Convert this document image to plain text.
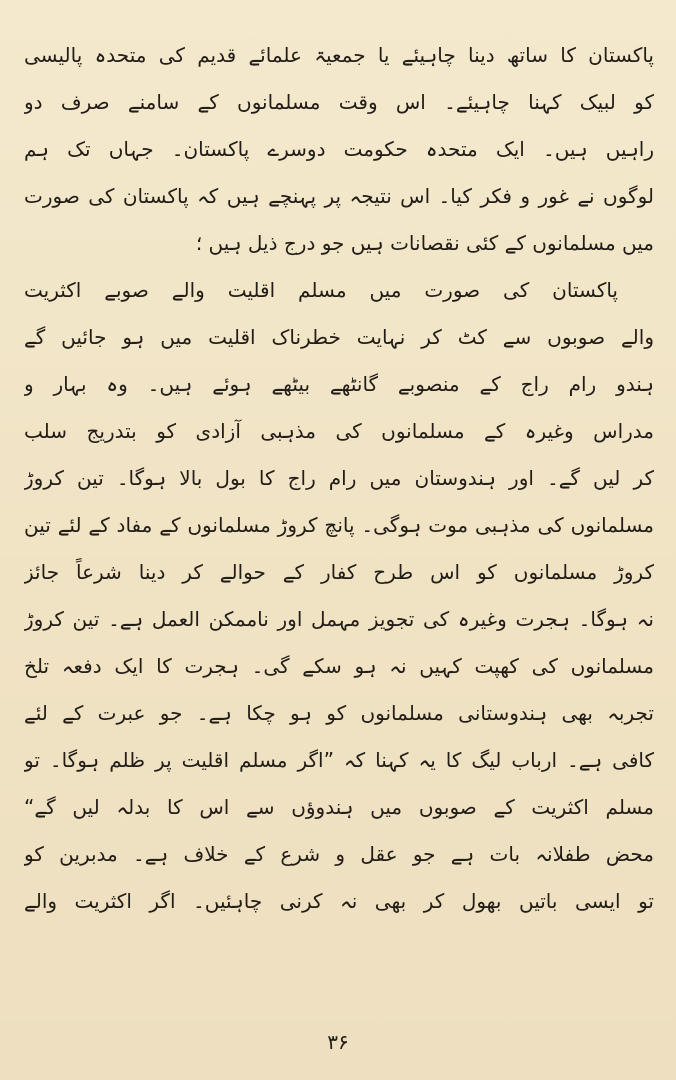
پاکستان کا ساتھ دینا چاہیئے یا جمعیۃ علمائے قدیم کی متحدہ پالیسی
کو لبیک کہنا چاہیئے۔ اس وقت مسلمانوں کے سامنے صرف دو
راہیں ہیں۔ ایک متحدہ حکومت دوسرے پاکستان۔ جہاں تک ہم
لوگوں نے غور و فکر کیا۔ اس نتیجہ پر پہنچے ہیں کہ پاکستان کی صورت
میں مسلمانوں کے کئی نقصانات ہیں جو درج ذیل ہیں ؛
پاکستان کی صورت میں مسلم اقلیت والے صوبے اکثریت
والے صوبوں سے کٹ کر نہایت خطرناک اقلیت میں ہو جائیں گے
ہندو رام راج کے منصوبے گانٹھے بیٹھے ہوئے ہیں۔ وہ بہار و
مدراس وغیرہ کے مسلمانوں کی مذہبی آزادی کو بتدریج سلب
کر لیں گے۔ اور ہندوستان میں رام راج کا بول بالا ہوگا۔ تین کروڑ
مسلمانوں کی مذہبی موت ہوگی۔ پانچ کروڑ مسلمانوں کے مفاد کے لئے تین
کروڑ مسلمانوں کو اس طرح کفار کے حوالے کر دینا شرعاً جائز
نہ ہوگا۔ ہجرت وغیرہ کی تجویز مہمل اور ناممکن العمل ہے۔ تین کروڑ
مسلمانوں کی کھپت کہیں نہ ہو سکے گی۔ ہجرت کا ایک دفعہ تلخ
تجربہ بھی ہندوستانی مسلمانوں کو ہو چکا ہے۔ جو عبرت کے لئے
کافی ہے۔ ارباب لیگ کا یہ کہنا کہ ”اگر مسلم اقلیت پر ظلم ہوگا۔ تو
مسلم اکثریت کے صوبوں میں ہندوؤں سے اس کا بدلہ لیں گے“
محض طفلانہ بات ہے جو عقل و شرع کے خلاف ہے۔ مدبرین کو
تو ایسی باتیں بھول کر بھی نہ کرنی چاہئیں۔ اگر اکثریت والے
۳۶
